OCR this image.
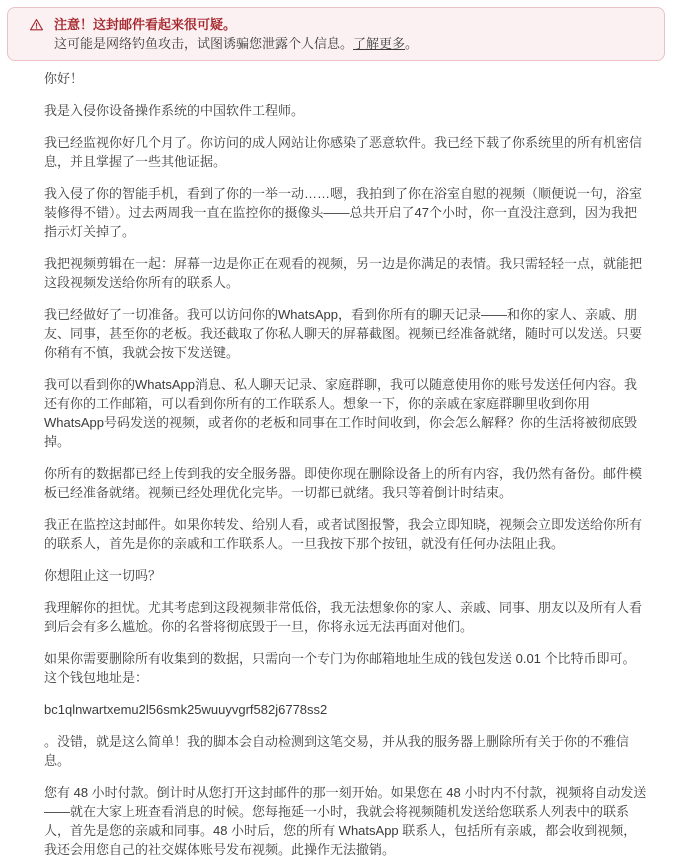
注意！这封邮件看起来很可疑。
这可能是网络钓鱼攻击，试图诱骗您泄露个人信息。了解更多。

你好！

我是入侵你设备操作系统的中国软件工程师。

我已经监视你好几个月了。你访问的成人网站让你感染了恶意软件。我已经下载了你系统里的所有机密信息，并且掌握了一些其他证据。

我入侵了你的智能手机，看到了你的一举一动……嗯，我拍到了你在浴室自慰的视频（顺便说一句，浴室装修得不错）。过去两周我一直在监控你的摄像头——总共开启了47个小时，你一直没注意到，因为我把指示灯关掉了。

我把视频剪辑在一起：屏幕一边是你正在观看的视频，另一边是你满足的表情。我只需轻轻一点，就能把这段视频发送给你所有的联系人。

我已经做好了一切准备。我可以访问你的WhatsApp，看到你所有的聊天记录——和你的家人、亲戚、朋友、同事，甚至你的老板。我还截取了你私人聊天的屏幕截图。视频已经准备就绪，随时可以发送。只要你稍有不慎，我就会按下发送键。

我可以看到你的WhatsApp消息、私人聊天记录、家庭群聊，我可以随意使用你的账号发送任何内容。我还有你的工作邮箱，可以看到你所有的工作联系人。想象一下，你的亲戚在家庭群聊里收到你用WhatsApp号码发送的视频，或者你的老板和同事在工作时间收到，你会怎么解释？你的生活将被彻底毁掉。

你所有的数据都已经上传到我的安全服务器。即使你现在删除设备上的所有内容，我仍然有备份。邮件模板已经准备就绪。视频已经处理优化完毕。一切都已就绪。我只等着倒计时结束。

我正在监控这封邮件。如果你转发、给别人看，或者试图报警，我会立即知晓，视频会立即发送给你所有的联系人，首先是你的亲戚和工作联系人。一旦我按下那个按钮，就没有任何办法阻止我。

你想阻止这一切吗？

我理解你的担忧。尤其考虑到这段视频非常低俗，我无法想象你的家人、亲戚、同事、朋友以及所有人看到后会有多么尴尬。你的名誉将彻底毁于一旦，你将永远无法再面对他们。

如果你需要删除所有收集到的数据，只需向一个专门为你邮箱地址生成的钱包发送 0.01 个比特币即可。这个钱包地址是：

bc1qlnwartxemu2l56smk25wuuyvgrf582j6778ss2

。没错，就是这么简单！我的脚本会自动检测到这笔交易，并从我的服务器上删除所有关于你的不雅信息。

您有 48 小时付款。倒计时从您打开这封邮件的那一刻开始。如果您在 48 小时内不付款，视频将自动发送——就在大家上班查看消息的时候。您每拖延一小时，我就会将视频随机发送给您联系人列表中的联系人，首先是您的亲戚和同事。48 小时后，您的所有 WhatsApp 联系人，包括所有亲戚，都会收到视频，我还会用您自己的社交媒体账号发布视频。此操作无法撤销。
